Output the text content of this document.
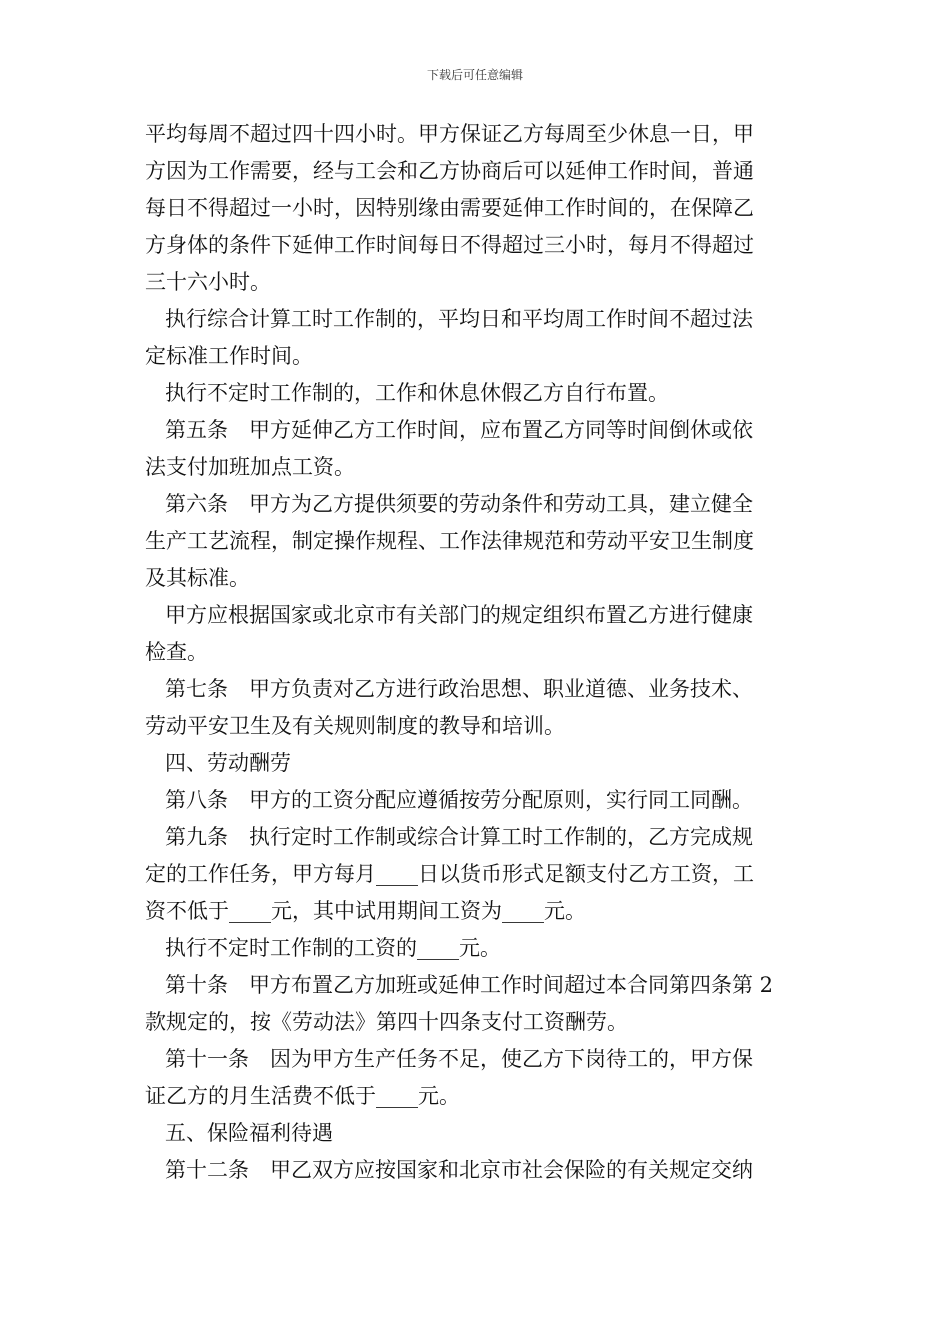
下载后可任意编辑
平均每周不超过四十四小时。甲方保证乙方每周至少休息一日，甲
方因为工作需要，经与工会和乙方协商后可以延伸工作时间，普通
每日不得超过一小时，因特别缘由需要延伸工作时间的，在保障乙
方身体的条件下延伸工作时间每日不得超过三小时，每月不得超过
三十六小时。
执行综合计算工时工作制的，平均日和平均周工作时间不超过法
定标准工作时间。
执行不定时工作制的，工作和休息休假乙方自行布置。
第五条　甲方延伸乙方工作时间，应布置乙方同等时间倒休或依
法支付加班加点工资。
第六条　甲方为乙方提供须要的劳动条件和劳动工具，建立健全
生产工艺流程，制定操作规程、工作法律规范和劳动平安卫生制度
及其标准。
甲方应根据国家或北京市有关部门的规定组织布置乙方进行健康
检查。
第七条　甲方负责对乙方进行政治思想、职业道德、业务技术、
劳动平安卫生及有关规则制度的教导和培训。
四、劳动酬劳
第八条　甲方的工资分配应遵循按劳分配原则，实行同工同酬。
第九条　执行定时工作制或综合计算工时工作制的，乙方完成规
定的工作任务，甲方每月____日以货币形式足额支付乙方工资，工
资不低于____元，其中试用期间工资为____元。
执行不定时工作制的工资的____元。
第十条　甲方布置乙方加班或延伸工作时间超过本合同第四条第 2
款规定的，按《劳动法》第四十四条支付工资酬劳。
第十一条　因为甲方生产任务不足，使乙方下岗待工的，甲方保
证乙方的月生活费不低于____元。
五、保险福利待遇
第十二条　甲乙双方应按国家和北京市社会保险的有关规定交纳
